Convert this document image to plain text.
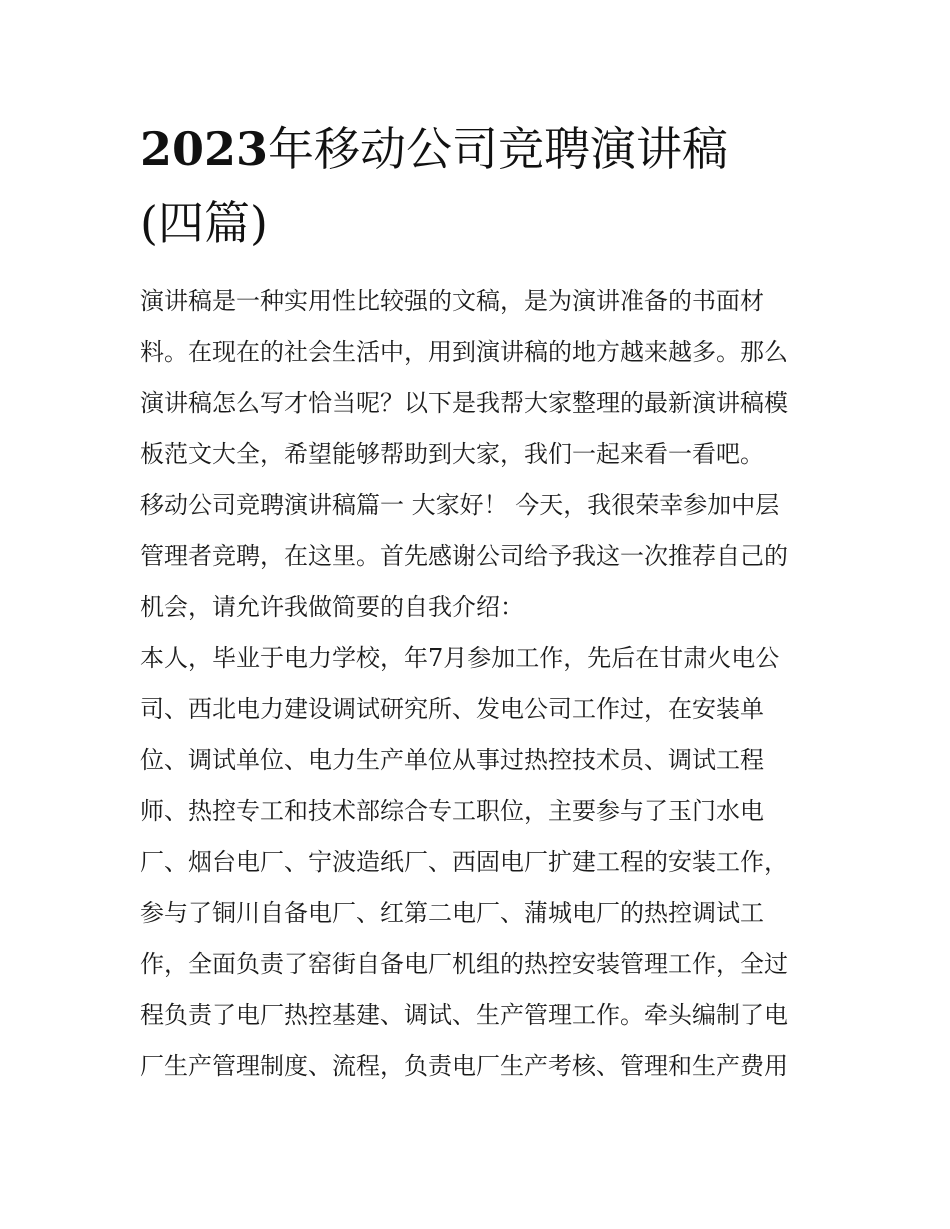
2023年移动公司竞聘演讲稿
(四篇)

演讲稿是一种实用性比较强的文稿，是为演讲准备的书面材
料。在现在的社会生活中，用到演讲稿的地方越来越多。那么
演讲稿怎么写才恰当呢？以下是我帮大家整理的最新演讲稿模
板范文大全，希望能够帮助到大家，我们一起来看一看吧。

移动公司竞聘演讲稿篇一 大家好！ 今天，我很荣幸参加中层
管理者竞聘，在这里。首先感谢公司给予我这一次推荐自己的
机会，请允许我做简要的自我介绍：

本人，毕业于电力学校，年7月参加工作，先后在甘肃火电公
司、西北电力建设调试研究所、发电公司工作过，在安装单
位、调试单位、电力生产单位从事过热控技术员、调试工程
师、热控专工和技术部综合专工职位，主要参与了玉门水电
厂、烟台电厂、宁波造纸厂、西固电厂扩建工程的安装工作，
参与了铜川自备电厂、红第二电厂、蒲城电厂的热控调试工
作，全面负责了窑街自备电厂机组的热控安装管理工作，全过
程负责了电厂热控基建、调试、生产管理工作。牵头编制了电
厂生产管理制度、流程，负责电厂生产考核、管理和生产费用
